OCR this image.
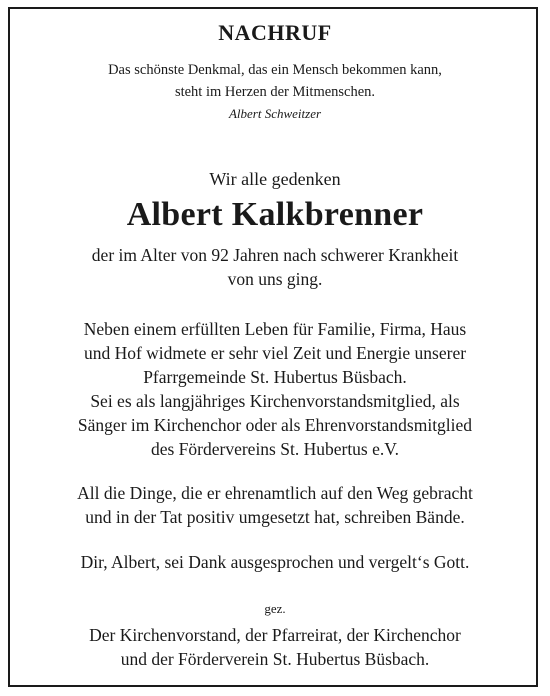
NACHRUF
Das schönste Denkmal, das ein Mensch bekommen kann,
steht im Herzen der Mitmenschen.
Albert Schweitzer
Wir alle gedenken
Albert Kalkbrenner
der im Alter von 92 Jahren nach schwerer Krankheit
von uns ging.
Neben einem erfüllten Leben für Familie, Firma, Haus
und Hof widmete er sehr viel Zeit und Energie unserer
Pfarrgemeinde St. Hubertus Büsbach.
Sei es als langjähriges Kirchenvorstandsmitglied, als
Sänger im Kirchenchor oder als Ehrenvorstandsmitglied
des Fördervereins St. Hubertus e.V.
All die Dinge, die er ehrenamtlich auf den Weg gebracht
und in der Tat positiv umgesetzt hat, schreiben Bände.
Dir, Albert, sei Dank ausgesprochen und vergelt‘s Gott.
gez.
Der Kirchenvorstand, der Pfarreirat, der Kirchenchor
und der Förderverein St. Hubertus Büsbach.
